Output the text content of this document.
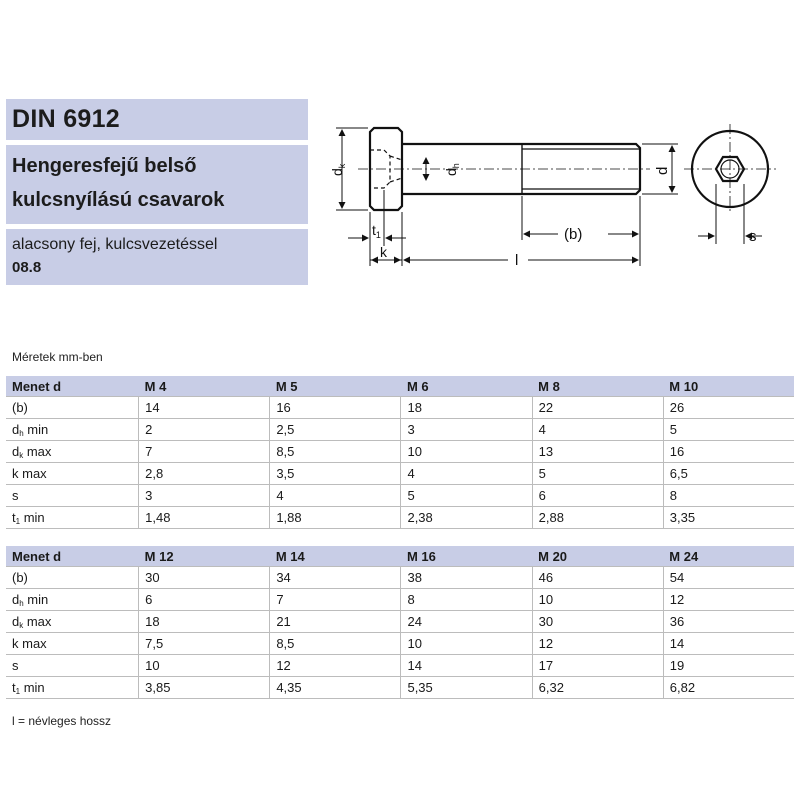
DIN 6912
Hengeresfejű belső
kulcsnyílású csavarok
alacsony fej, kulcsvezetéssel
08.8
$d_k$
$d_h$
d
$t_1$
k
(b)
l
s
Méretek mm-ben
Menet d	M 4	M 5	M 6	M 8	M 10
(b)	14	16	18	22	26
$d_h$ min	2	2,5	3	4	5
$d_k$ max	7	8,5	10	13	16
k max	2,8	3,5	4	5	6,5
s	3	4	5	6	8
$t_1$ min	1,48	1,88	2,38	2,88	3,35
Menet d	M 12	M 14	M 16	M 20	M 24
(b)	30	34	38	46	54
$d_h$ min	6	7	8	10	12
$d_k$ max	18	21	24	30	36
k max	7,5	8,5	10	12	14
s	10	12	14	17	19
$t_1$ min	3,85	4,35	5,35	6,32	6,82
l = névleges hossz
